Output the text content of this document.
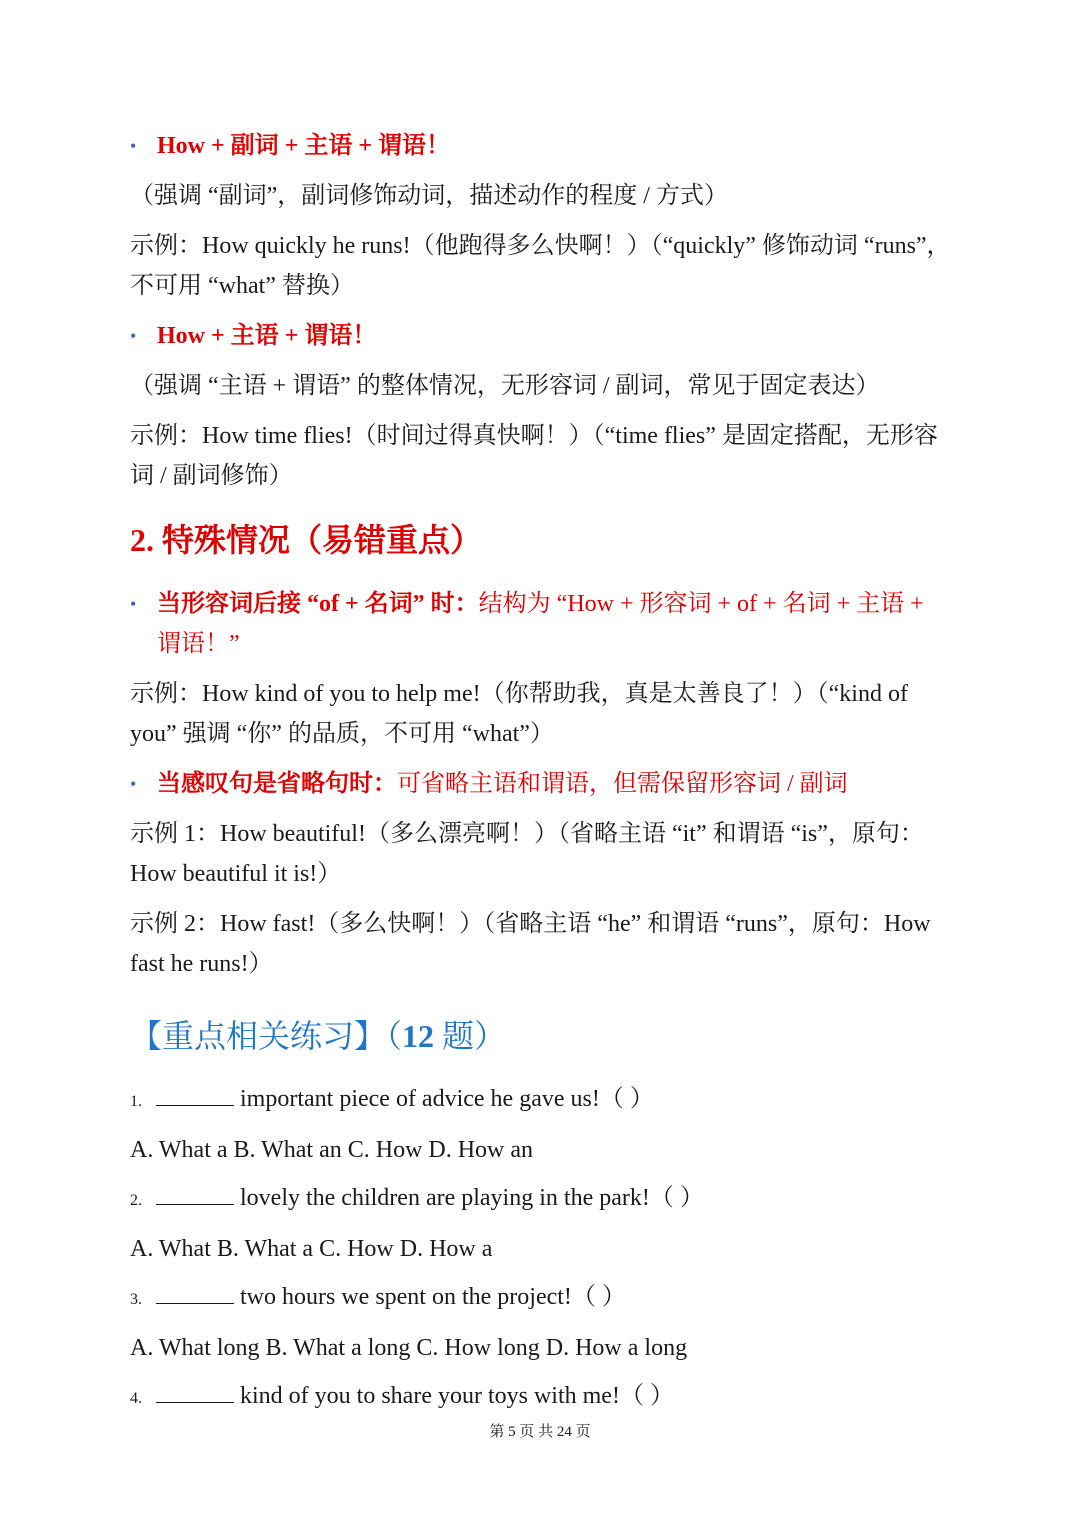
• How + 副词 + 主语 + 谓语！
（强调 “副词”，副词修饰动词，描述动作的程度 / 方式）
示例：How quickly he runs!（他跑得多么快啊！）（“quickly” 修饰动词 “runs”，不可用 “what” 替换）
• How + 主语 + 谓语！
（强调 “主语 + 谓语” 的整体情况，无形容词 / 副词，常见于固定表达）
示例：How time flies!（时间过得真快啊！）（“time flies” 是固定搭配，无形容词 / 副词修饰）
2. 特殊情况（易错重点）
• 当形容词后接 “of + 名词” 时：结构为 “How + 形容词 + of + 名词 + 主语 + 谓语！”
示例：How kind of you to help me!（你帮助我，真是太善良了！）（“kind of you” 强调 “你” 的品质，不可用 “what”）
• 当感叹句是省略句时：可省略主语和谓语，但需保留形容词 / 副词
示例 1：How beautiful!（多么漂亮啊！）（省略主语 “it” 和谓语 “is”，原句：How beautiful it is!）
示例 2：How fast!（多么快啊！）（省略主语 “he” 和谓语 “runs”，原句：How fast he runs!）
【重点相关练习】（12 题）
1.	important piece of advice he gave us!（ ）
A. What a B. What an C. How D. How an
2.	lovely the children are playing in the park!（ ）
A. What B. What a C. How D. How a
3.	two hours we spent on the project!（ ）
A. What long B. What a long C. How long D. How a long
4.	kind of you to share your toys with me!（ ）
第 5 页 共 24 页
